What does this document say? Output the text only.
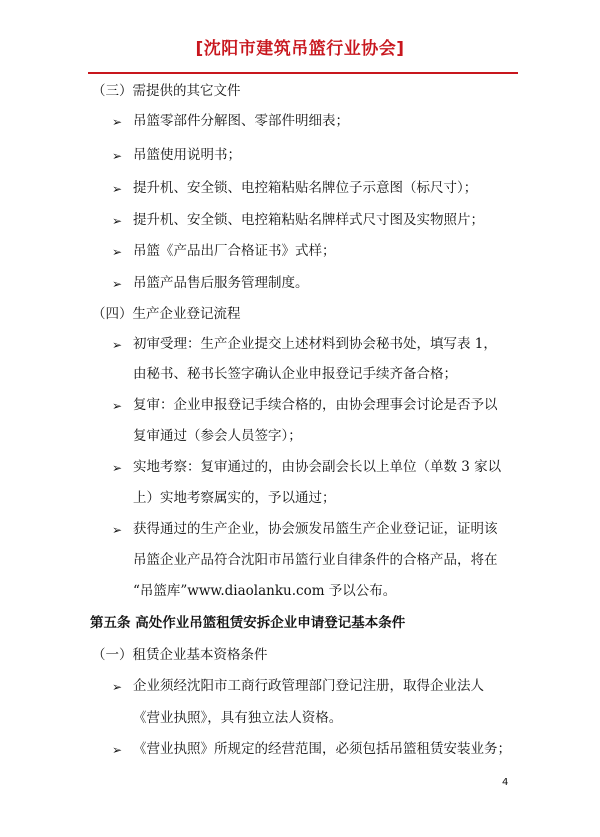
[沈阳市建筑吊篮行业协会]
（三）需提供的其它文件
➢ 吊篮零部件分解图、零部件明细表；
➢ 吊篮使用说明书；
➢ 提升机、安全锁、电控箱粘贴名牌位子示意图（标尺寸）；
➢ 提升机、安全锁、电控箱粘贴名牌样式尺寸图及实物照片；
➢ 吊篮《产品出厂合格证书》式样；
➢ 吊篮产品售后服务管理制度。
（四）生产企业登记流程
➢ 初审受理：生产企业提交上述材料到协会秘书处，填写表 1，
由秘书、秘书长签字确认企业申报登记手续齐备合格；
➢ 复审：企业申报登记手续合格的，由协会理事会讨论是否予以
复审通过（参会人员签字）；
➢ 实地考察：复审通过的，由协会副会长以上单位（单数 3 家以
上）实地考察属实的，予以通过；
➢ 获得通过的生产企业，协会颁发吊篮生产企业登记证，证明该
吊篮企业产品符合沈阳市吊篮行业自律条件的合格产品，将在
“吊篮库”www.diaolanku.com 予以公布。
第五条 高处作业吊篮租赁安拆企业申请登记基本条件
（一）租赁企业基本资格条件
➢ 企业须经沈阳市工商行政管理部门登记注册，取得企业法人
《营业执照》，具有独立法人资格。
➢ 《营业执照》所规定的经营范围，必须包括吊篮租赁安装业务；
4
